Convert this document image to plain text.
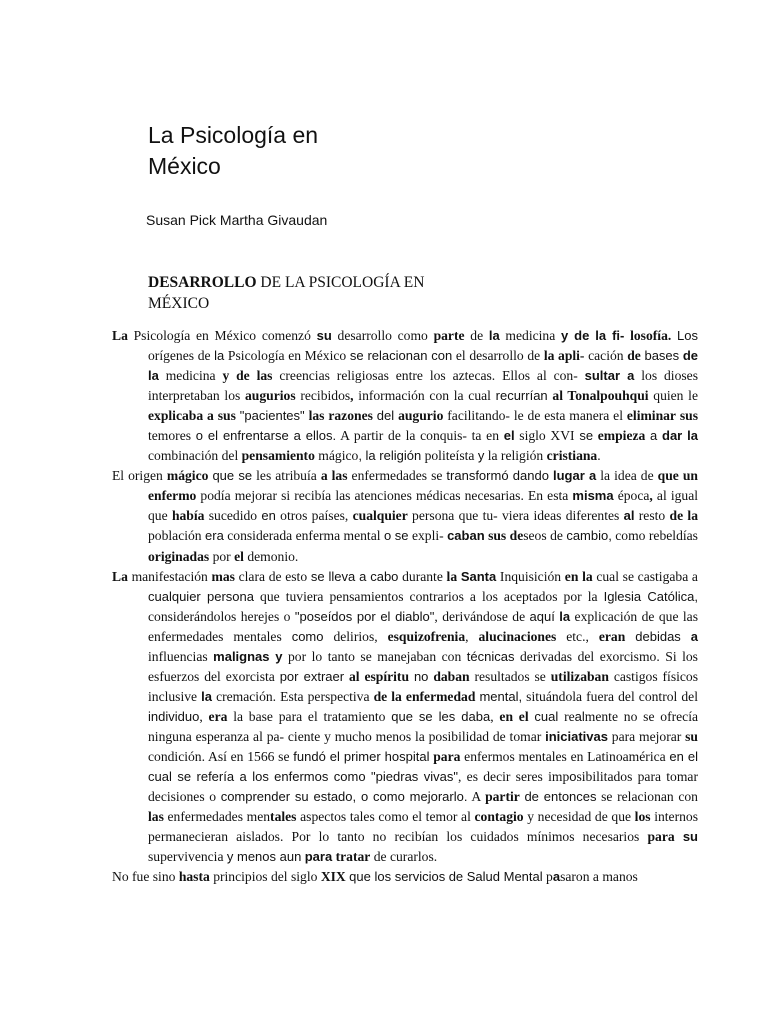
La Psicología en
México
Susan Pick Martha Givaudan
DESARROLLO DE LA PSICOLOGÍA EN
MÉXICO

La Psicología en México comenzó su desarrollo como parte de la medicina y de la fi- losofía. Los orígenes de la Psicología en México se relacionan con el desarrollo de la apli- cación de bases de la medicina y de las creencias religiosas entre los aztecas. Ellos al con- sultar a los dioses interpretaban los augurios recibidos, información con la cual recurrían al Tonalpouhqui quien le explicaba a sus "pacientes" las razones del augurio facilitando- le de esta manera el eliminar sus temores o el enfrentarse a ellos. A partir de la conquis- ta en el siglo XVI se empieza a dar la combinación del pensamiento mágico, la religión politeísta y la religión cristiana.

El origen mágico que se les atribuía a las enfermedades se transformó dando lugar a la idea de que un enfermo podía mejorar si recibía las atenciones médicas necesarias. En esta misma época, al igual que había sucedido en otros países, cualquier persona que tu- viera ideas diferentes al resto de la población era considerada enferma mental o se expli- caban sus deseos de cambio, como rebeldías originadas por el demonio.

La manifestación mas clara de esto se lleva a cabo durante la Santa Inquisición en la cual se castigaba a cualquier persona que tuviera pensamientos contrarios a los aceptados por la Iglesia Católica, considerándolos herejes o "poseídos por el diablo", derivándose de aquí la explicación de que las enfermedades mentales como delirios, esquizofrenia, alucinaciones etc., eran debidas a influencias malignas y por lo tanto se manejaban con técnicas derivadas del exorcismo. Si los esfuerzos del exorcista por extraer al espíritu no daban resultados se utilizaban castigos físicos inclusive la cremación. Esta perspectiva de la enfermedad mental, situándola fuera del control del individuo, era la base para el tratamiento que se les daba, en el cual realmente no se ofrecía ninguna esperanza al pa- ciente y mucho menos la posibilidad de tomar iniciativas para mejorar su condición. Así en 1566 se fundó el primer hospital para enfermos mentales en Latinoamérica en el cual se refería a los enfermos como "piedras vivas", es decir seres imposibilitados para tomar decisiones o comprender su estado, o como mejorarlo. A partir de entonces se relacionan con las enfermedades mentales aspectos tales como el temor al contagio y necesidad de que los internos permanecieran aislados. Por lo tanto no recibían los cuidados mínimos necesarios para su supervivencia y menos aun para tratar de curarlos.

No fue sino hasta principios del siglo XIX que los servicios de Salud Mental pasaron a manos
